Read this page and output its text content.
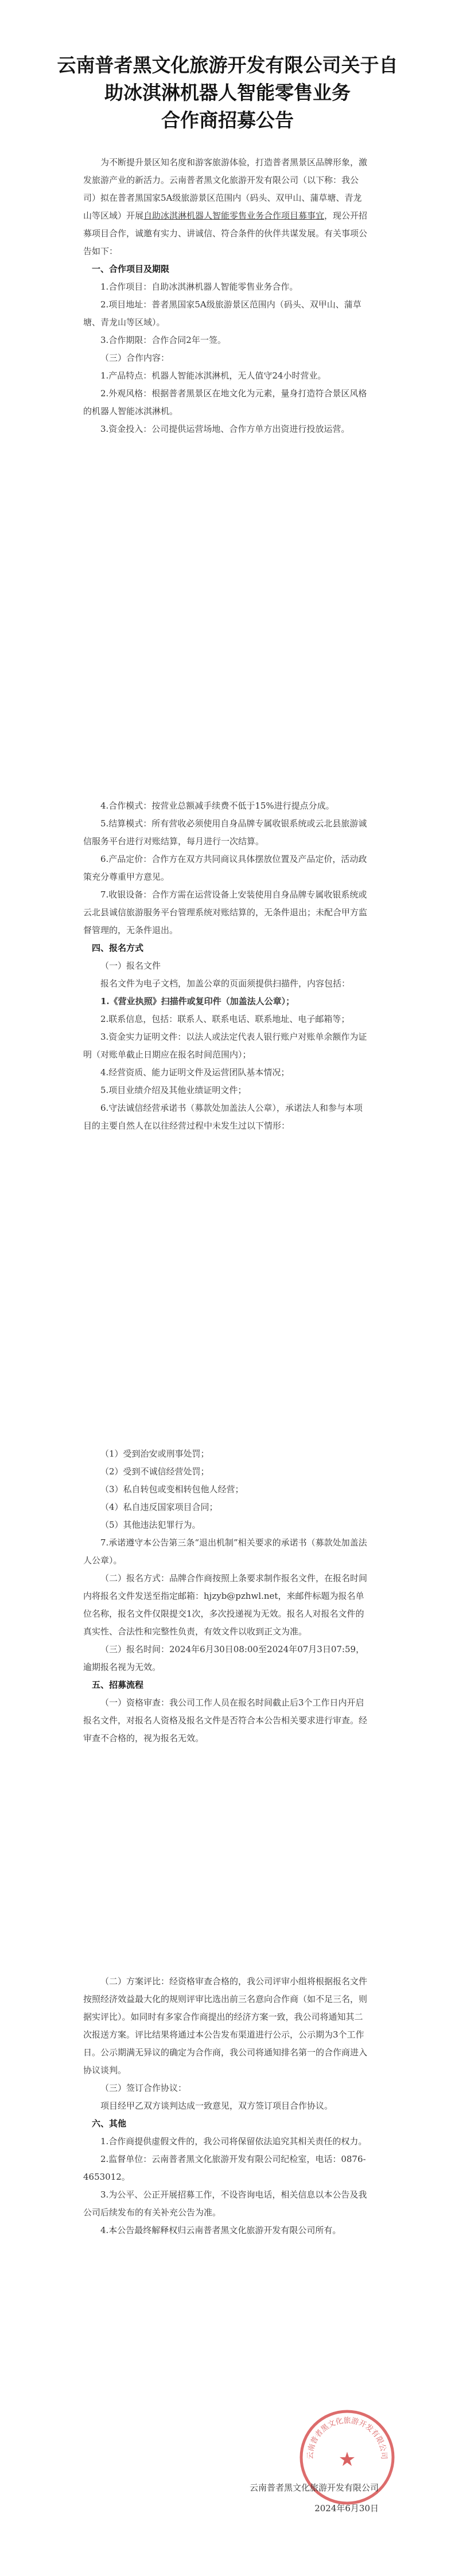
云南普者黑文化旅游开发有限公司关于自
助冰淇淋机器人智能零售业务
合作商招募公告

为不断提升景区知名度和游客旅游体验，打造普者黑景区品牌形象，激发旅游产业的新活力。云南普者黑文化旅游开发有限公司（以下称：我公司）拟在普者黑国家5A级旅游景区范围内（码头、双甲山、蒲草塘、青龙山等区域）开展自助冰淇淋机器人智能零售业务合作项目募事宜，现公开招募项目合作，诚邀有实力、讲诚信、符合条件的伙伴共谋发展。有关事项公告如下：

一、合作项目及期限

1.合作项目：自助冰淇淋机器人智能零售业务合作。

2.项目地址：普者黑国家5A级旅游景区范围内（码头、双甲山、蒲草塘、青龙山等区域）。

3.合作期限：合作合同2年一签。

（三）合作内容：

1.产品特点：机器人智能冰淇淋机，无人值守24小时营业。

2.外观风格：根据普者黑景区在地文化为元素，量身打造符合景区风格的机器人智能冰淇淋机。

3.资金投入：公司提供运营场地、合作方单方出资进行投放运营。

4.合作模式：按营业总额减手续费不低于15%进行提点分成。

5.结算模式：所有营收必须使用自身品牌专属收银系统或云北县旅游诚信服务平台进行对账结算，每月进行一次结算。

6.产品定价：合作方在双方共同商议具体摆放位置及产品定价，活动政策充分尊重甲方意见。

7.收银设备：合作方需在运营设备上安装使用自身品牌专属收银系统或云北县诚信旅游服务平台管理系统对账结算的，无条件退出；未配合甲方监督管理的，无条件退出。

四、报名方式

（一）报名文件

报名文件为电子文档，加盖公章的页面须提供扫描件，内容包括：

1.《营业执照》扫描件或复印件（加盖法人公章）；

2.联系信息，包括：联系人、联系电话、联系地址、电子邮箱等；

3.资金实力证明文件：以法人或法定代表人银行账户对账单余额作为证明（对账单截止日期应在报名时间范围内）；

4.经营资质、能力证明文件及运营团队基本情况；

5.项目业绩介绍及其他业绩证明文件；

6.守法诚信经营承诺书（募款处加盖法人公章），承诺法人和参与本项目的主要自然人在以往经营过程中未发生过以下情形：

（1）受到治安或刑事处罚；

（2）受到不诚信经营处罚；

（3）私自转包或变相转包他人经营；

（4）私自违反国家项目合同；

（5）其他违法犯罪行为。

7.承诺遵守本公告第三条“退出机制”相关要求的承诺书（募款处加盖法人公章）。

（二）报名方式：品牌合作商按照上条要求制作报名文件，在报名时间内将报名文件发送至指定邮箱：hjzyb@pzhwl.net，来邮件标题为报名单位名称，报名文件仅限提交1次，多次投递视为无效。报名人对报名文件的真实性、合法性和完整性负责，有效文件以收到正文为准。

（三）报名时间：2024年6月30日08:00至2024年07月3日07:59，逾期报名视为无效。

五、招募流程

（一）资格审查：我公司工作人员在报名时间截止后3个工作日内开启报名文件，对报名人资格及报名文件是否符合本公告相关要求进行审查。经审查不合格的，视为报名无效。

（二）方案评比：经资格审查合格的，我公司评审小组将根据报名文件按照经济效益最大化的规则评审比选出前三名意向合作商（如不足三名，则据实评比）。如同时有多家合作商提出的经济方案一致，我公司将通知其二次报送方案。评比结果将通过本公告发布渠道进行公示，公示期为3个工作日。公示期满无异议的确定为合作商，我公司将通知排名第一的合作商进入协议谈判。

（三）签订合作协议：

项目经甲乙双方谈判达成一致意见，双方签订项目合作协议。

六、其他

1.合作商提供虚假文件的，我公司将保留依法追究其相关责任的权力。

2.监督单位：云南普者黑文化旅游开发有限公司纪检室，电话：0876-4653012。

3.为公平、公正开展招募工作，不设咨询电话，相关信息以本公告及我公司后续发布的有关补充公告为准。

4.本公告最终解释权归云南普者黑文化旅游开发有限公司所有。

云南普者黑文化旅游开发有限公司
★

云南普者黑文化旅游开发有限公司

2024年6月30日
